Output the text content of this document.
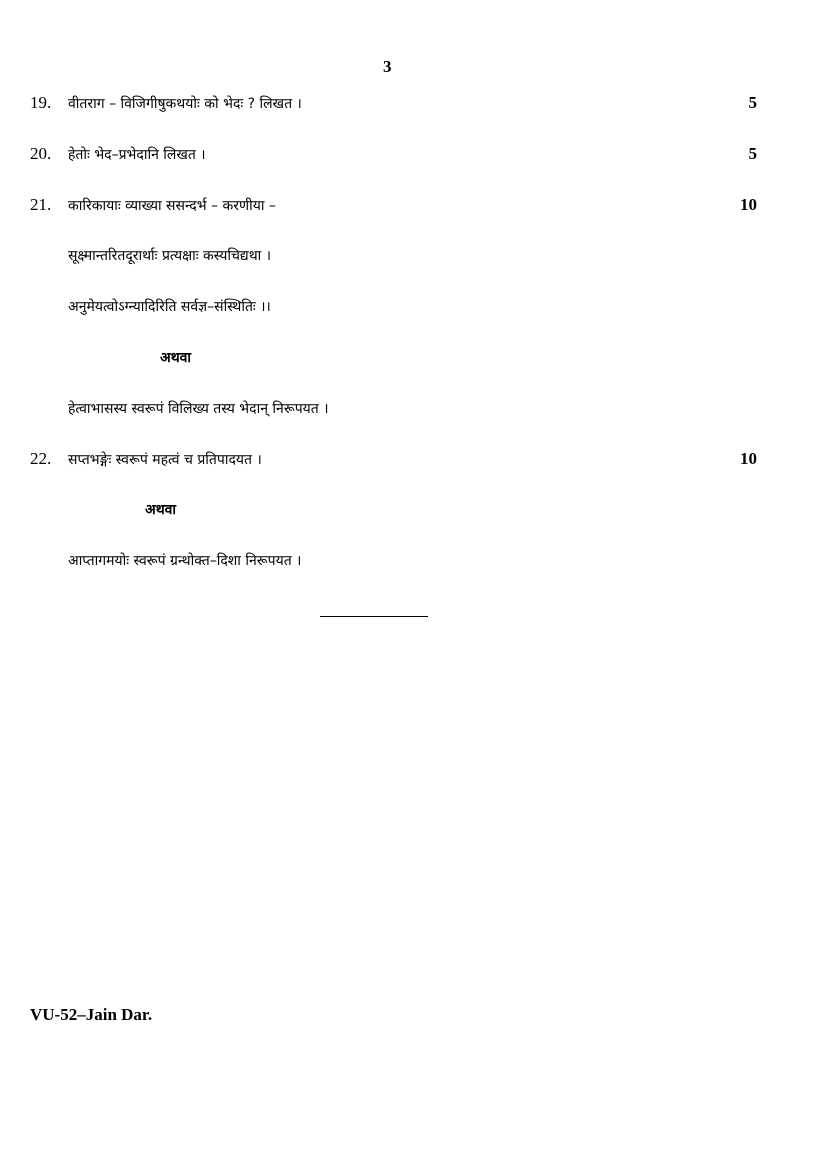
3
19. वीतराग – विजिगीषुकथयोः को भेदः ? लिखत ।	5
20. हेतोः भेद–प्रभेदानि लिखत ।	5
21. कारिकायाः व्याख्या ससन्दर्भ – करणीया –	10
सूक्ष्मान्तरितदूरार्थाः प्रत्यक्षाः कस्यचिद्यथा ।
अनुमेयत्वोऽग्न्यादिरिति सर्वज्ञ–संस्थितिः ।।
अथवा
हेत्वाभासस्य स्वरूपं विलिख्य तस्य भेदान् निरूपयत ।
22. सप्तभङ्गेः स्वरूपं महत्वं च प्रतिपादयत ।	10
अथवा
आप्तागमयोः स्वरूपं ग्रन्थोक्त–दिशा निरूपयत ।
VU-52–Jain Dar.
